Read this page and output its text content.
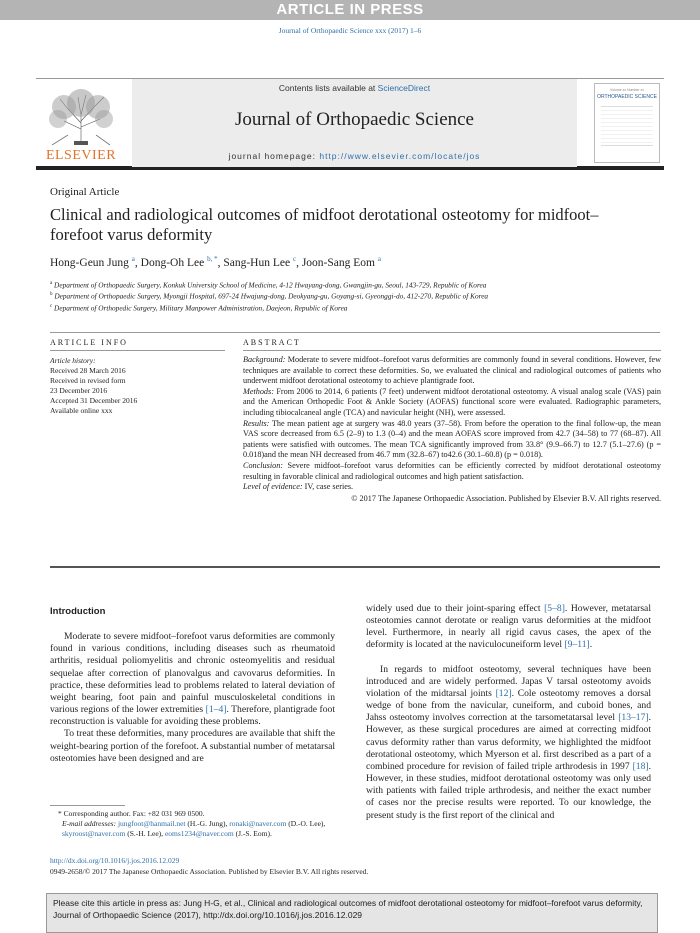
ARTICLE IN PRESS
Journal of Orthopaedic Science xxx (2017) 1–6
ELSEVIER
Contents lists available at ScienceDirect
Journal of Orthopaedic Science
journal homepage: http://www.elsevier.com/locate/jos
Volume xx Number xx
ORTHOPAEDIC SCIENCE
Original Article
Clinical and radiological outcomes of midfoot derotational osteotomy for midfoot–forefoot varus deformity
Hong-Geun Jung $^a$, Dong-Oh Lee $^{b, *}$, Sang-Hun Lee $^c$, Joon-Sang Eom $^a$
$^a$ Department of Orthopaedic Surgery, Konkuk University School of Medicine, 4-12 Hwayang-dong, Gwangjin-gu, Seoul, 143-729, Republic of Korea
$^b$ Department of Orthopaedic Surgery, Myongji Hospital, 697-24 Hwajung-dong, Deokyang-gu, Goyang-si, Gyeonggi-do, 412-270, Republic of Korea
$^c$ Department of Orthopedic Surgery, Military Manpower Administration, Daejeon, Republic of Korea
ARTICLE INFO	ABSTRACT
Article history:
Received 28 March 2016
Received in revised form
23 December 2016
Accepted 31 December 2016
Available online xxx

Background: Moderate to severe midfoot–forefoot varus deformities are commonly found in several conditions. However, few techniques are available to correct these deformities. So, we evaluated the clinical and radiological outcomes of patients who underwent midfoot derotational osteotomy to achieve plantigrade foot.

Methods: From 2006 to 2014, 6 patients (7 feet) underwent midfoot derotational osteotomy. A visual analog scale (VAS) pain and the American Orthopedic Foot & Ankle Society (AOFAS) functional score were evaluated. Radiographic parameters, including tibiocalcaneal angle (TCA) and navicular height (NH), were assessed.

Results: The mean patient age at surgery was 48.0 years (37–58). From before the operation to the final follow-up, the mean VAS score decreased from 6.5 (2–9) to 1.3 (0–4) and the mean AOFAS score improved from 42.7 (34–58) to 77 (68–87). All patients were satisfied with outcomes. The mean TCA significantly improved from 33.8° (9.9–66.7) to 12.7 (5.1–27.6) (p = 0.018)and the mean NH decreased from 46.7 mm (32.8–67) to42.6 (30.1–60.8) (p = 0.018).

Conclusion: Severe midfoot–forefoot varus deformities can be efficiently corrected by midfoot derotational osteotomy resulting in favorable clinical and radiological outcomes and high patient satisfaction.

Level of evidence: IV, case series.

© 2017 The Japanese Orthopaedic Association. Published by Elsevier B.V. All rights reserved.

Introduction

Moderate to severe midfoot–forefoot varus deformities are commonly found in various conditions, including diseases such as rheumatoid arthritis, residual poliomyelitis and chronic osteomyelitis and residual sequelae after correction of planovalgus and cavovarus deformities. In practice, these deformities lead to problems related to lateral deviation of weight bearing, foot pain and painful musculoskeletal conditions in various regions of the lower extremities [1–4]. Therefore, plantigrade foot reconstruction is valuable for avoiding these problems.

To treat these deformities, many procedures are available that shift the weight-bearing portion of the forefoot. A substantial number of metatarsal osteotomies have been designed and are

widely used due to their joint-sparing effect [5–8]. However, metatarsal osteotomies cannot derotate or realign varus deformities at the midfoot level. Furthermore, in nearly all rigid cavus cases, the apex of the deformity is located at the naviculocuneiform level [9–11].

In regards to midfoot osteotomy, several techniques have been introduced and are widely performed. Japas V tarsal osteotomy avoids violation of the midtarsal joints [12]. Cole osteotomy removes a dorsal wedge of bone from the navicular, cuneiform, and cuboid bones, and Jahss osteotomy involves correction at the tarsometatarsal level [13–17]. However, as these surgical procedures are aimed at correcting midfoot cavus deformity rather than varus deformity, we highlighted the midfoot derotational osteotomy, which Myerson et al. first described as a part of a combined procedure for revision of failed triple arthrodesis in 1997 [18]. However, in these studies, midfoot derotational osteotomy was only used with patients with failed triple arthrodesis, and neither the exact number of cases nor the precise results were reported. To our knowledge, the present study is the first report of the clinical and

* Corresponding author. Fax: +82 031 969 0500.
E-mail addresses: jungfoot@hanmail.net (H.-G. Jung), ronaki@naver.com (D.-O. Lee), skyroost@naver.com (S.-H. Lee), eoms1234@naver.com (J.-S. Eom).
http://dx.doi.org/10.1016/j.jos.2016.12.029
0949-2658/© 2017 The Japanese Orthopaedic Association. Published by Elsevier B.V. All rights reserved.
Please cite this article in press as: Jung H-G, et al., Clinical and radiological outcomes of midfoot derotational osteotomy for midfoot–forefoot varus deformity, Journal of Orthopaedic Science (2017), http://dx.doi.org/10.1016/j.jos.2016.12.029
